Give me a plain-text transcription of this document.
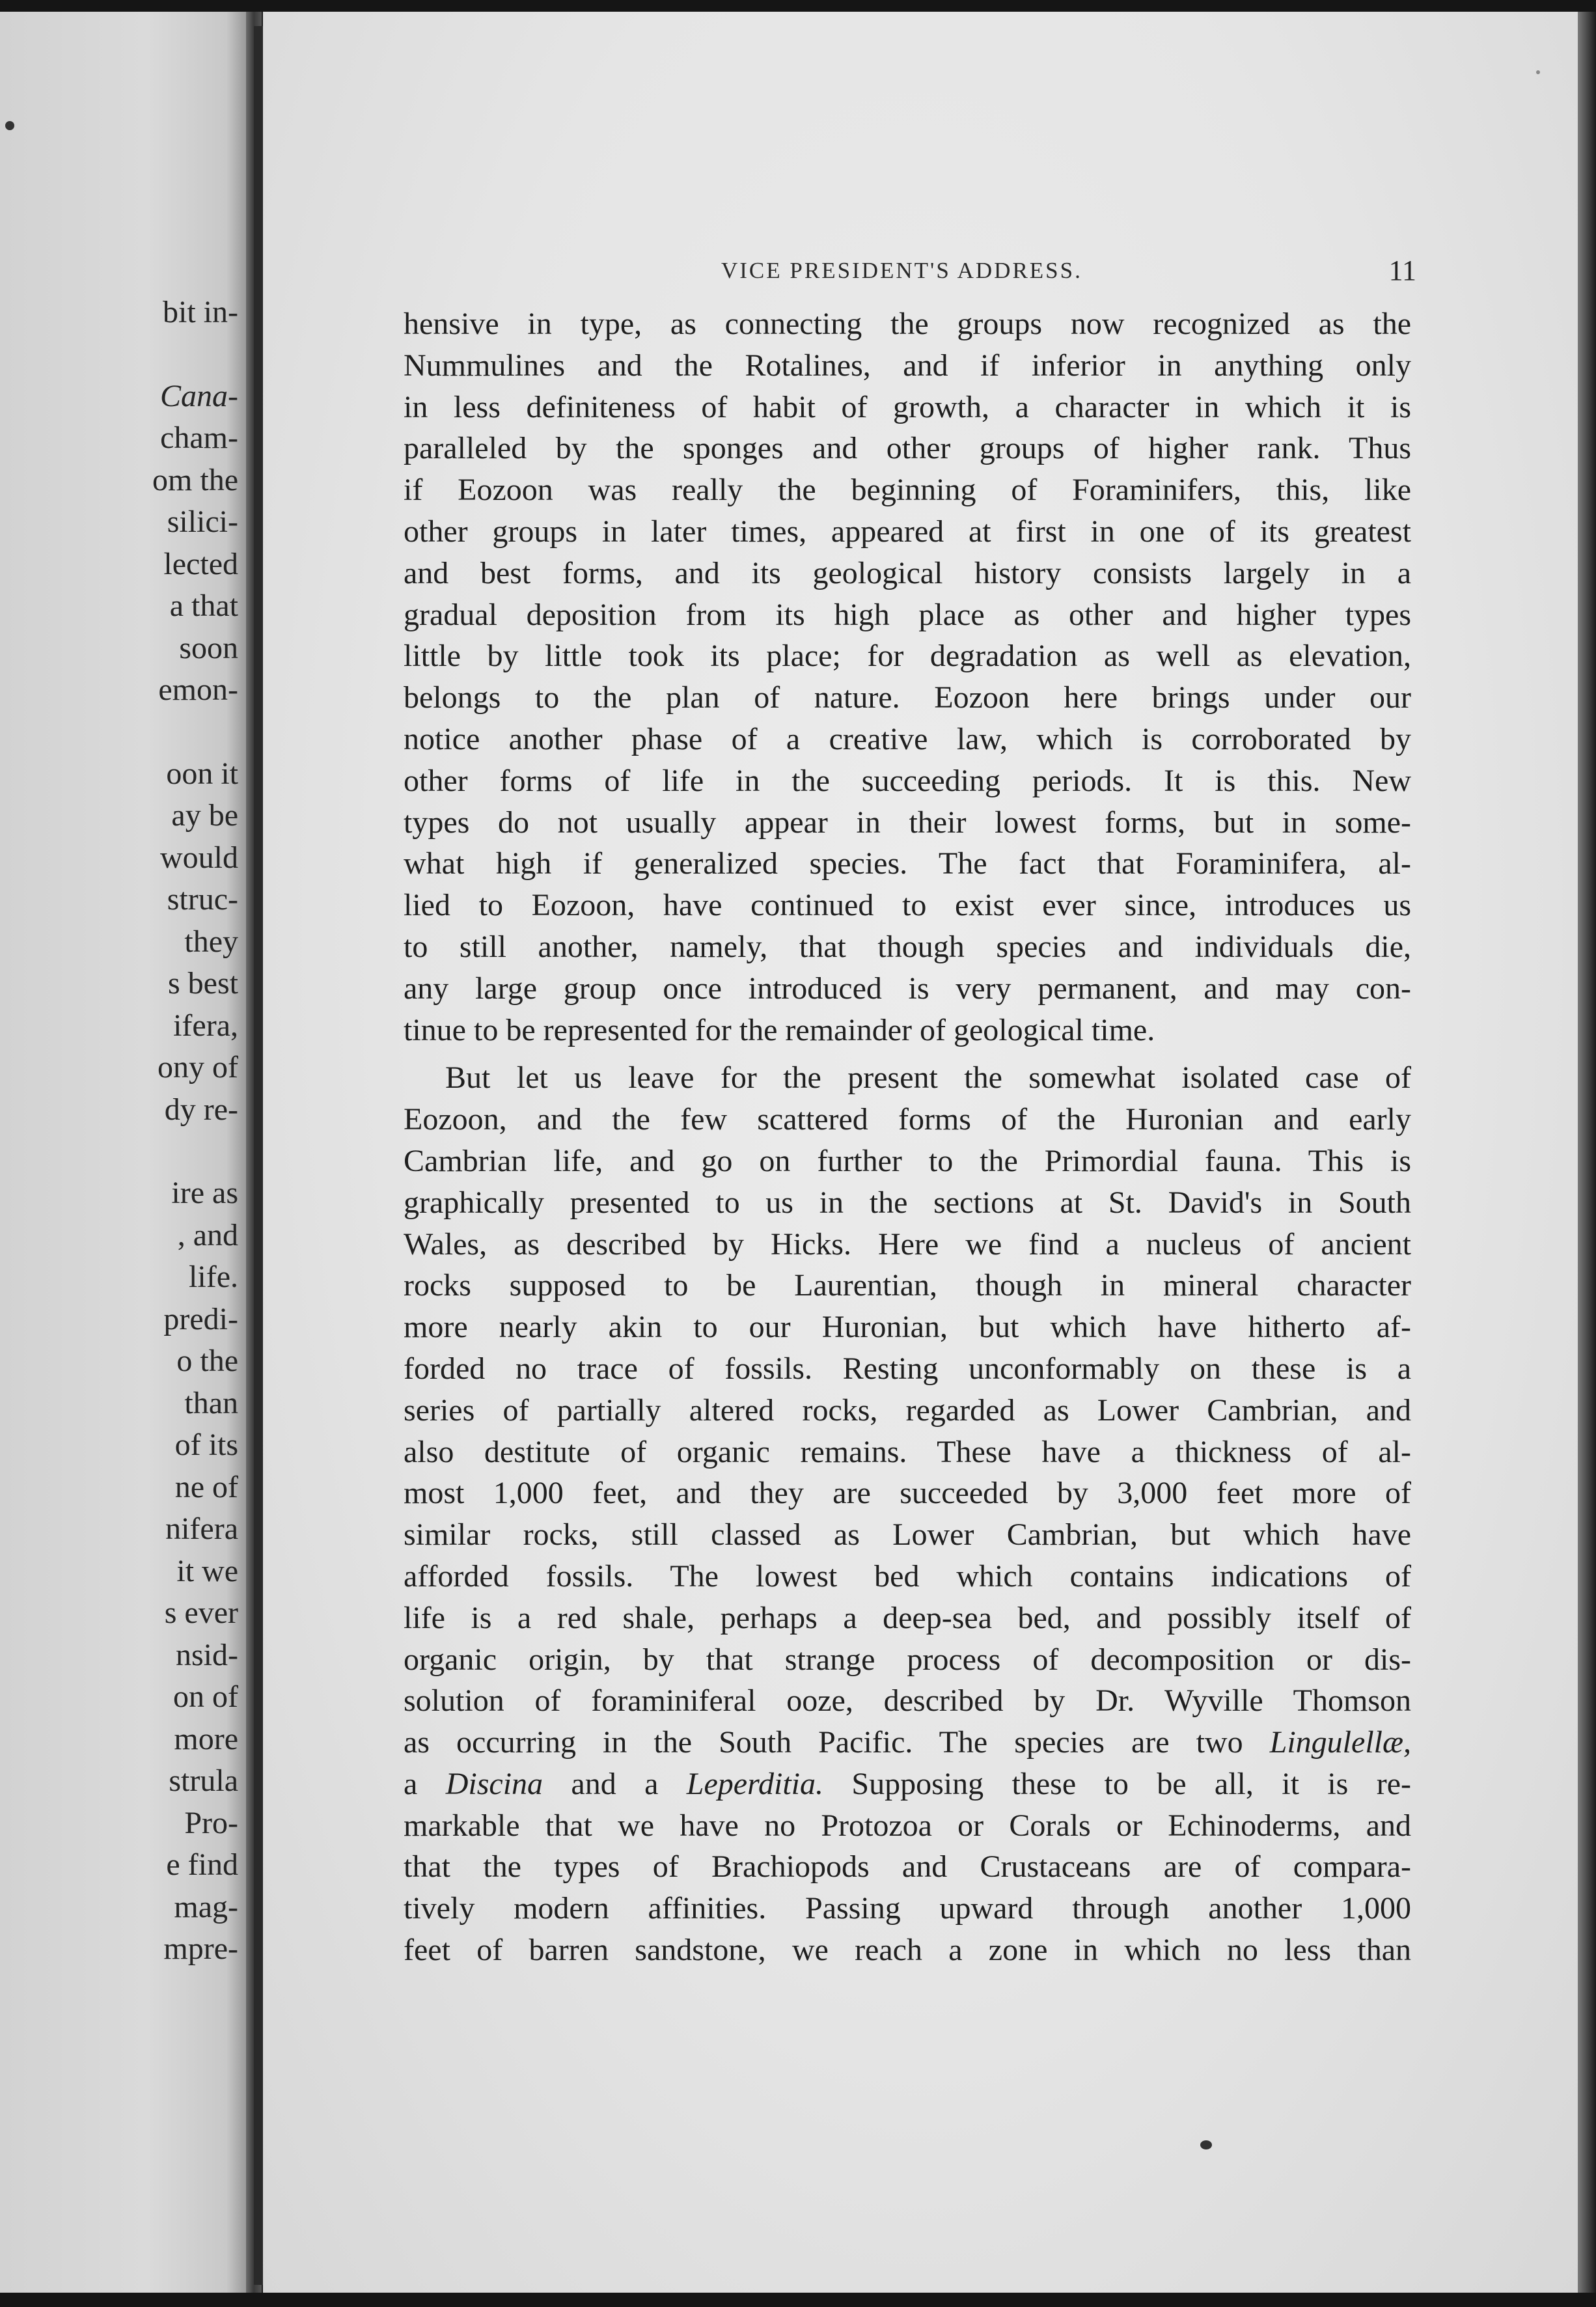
bit in-
Cana-
cham-
om the
silici-
lected
a that
soon
emon-
oon it
ay be
would
struc-
they
s best
ifera,
ony of
dy re-
ire as
, and
life.
predi-
o the
than
of its
ne of
nifera
it we
s ever
nsid-
on of
more
strula
Pro-
e find
mag-
mpre-
VICE PRESIDENT'S ADDRESS.	11
hensive in type, as connecting the groups now recognized as the
Nummulines and the Rotalines, and if inferior in anything only
in less definiteness of habit of growth, a character in which it is
paralleled by the sponges and other groups of higher rank. Thus
if Eozoon was really the beginning of Foraminifers, this, like
other groups in later times, appeared at first in one of its greatest
and best forms, and its geological history consists largely in a
gradual deposition from its high place as other and higher types
little by little took its place; for degradation as well as elevation,
belongs to the plan of nature. Eozoon here brings under our
notice another phase of a creative law, which is corroborated by
other forms of life in the succeeding periods. It is this. New
types do not usually appear in their lowest forms, but in some-
what high if generalized species. The fact that Foraminifera, al-
lied to Eozoon, have continued to exist ever since, introduces us
to still another, namely, that though species and individuals die,
any large group once introduced is very permanent, and may con-
tinue to be represented for the remainder of geological time.
But let us leave for the present the somewhat isolated case of
Eozoon, and the few scattered forms of the Huronian and early
Cambrian life, and go on further to the Primordial fauna. This is
graphically presented to us in the sections at St. David's in South
Wales, as described by Hicks. Here we find a nucleus of ancient
rocks supposed to be Laurentian, though in mineral character
more nearly akin to our Huronian, but which have hitherto af-
forded no trace of fossils. Resting unconformably on these is a
series of partially altered rocks, regarded as Lower Cambrian, and
also destitute of organic remains. These have a thickness of al-
most 1,000 feet, and they are succeeded by 3,000 feet more of
similar rocks, still classed as Lower Cambrian, but which have
afforded fossils. The lowest bed which contains indications of
life is a red shale, perhaps a deep-sea bed, and possibly itself of
organic origin, by that strange process of decomposition or dis-
solution of foraminiferal ooze, described by Dr. Wyville Thomson
as occurring in the South Pacific. The species are two Lingulellæ,
a Discina and a Leperditia. Supposing these to be all, it is re-
markable that we have no Protozoa or Corals or Echinoderms, and
that the types of Brachiopods and Crustaceans are of compara-
tively modern affinities. Passing upward through another 1,000
feet of barren sandstone, we reach a zone in which no less than
